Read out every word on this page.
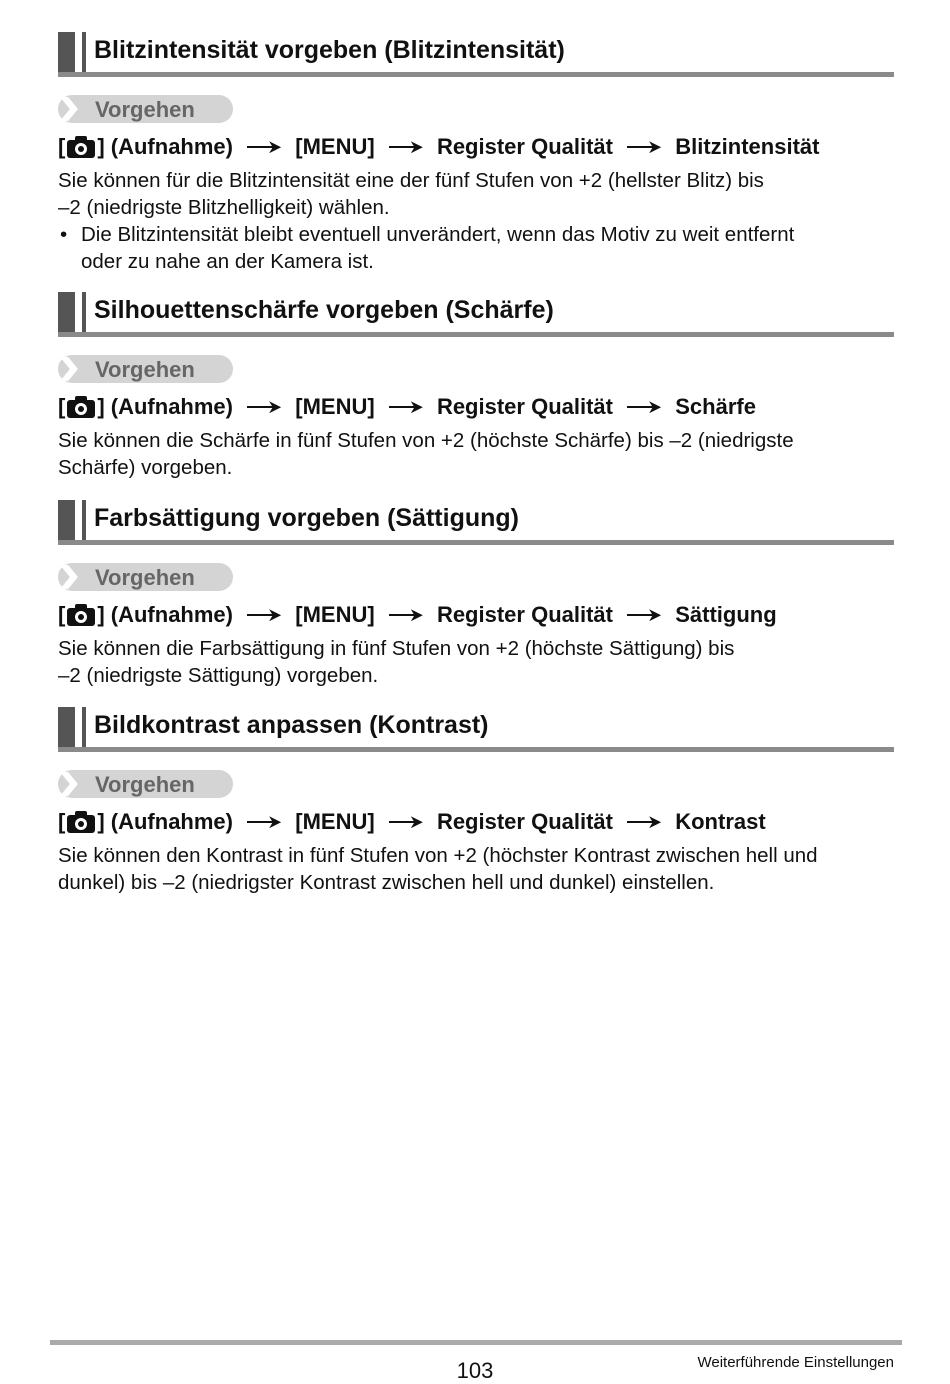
Blitzintensität vorgeben (Blitzintensität)
Vorgehen
[ ] (Aufnahme)	[MENU]	Register Qualität	Blitzintensität
Sie können für die Blitzintensität eine der fünf Stufen von +2 (hellster Blitz) bis
–2 (niedrigste Blitzhelligkeit) wählen.
• Die Blitzintensität bleibt eventuell unverändert, wenn das Motiv zu weit entfernt
oder zu nahe an der Kamera ist.
Silhouettenschärfe vorgeben (Schärfe)
Vorgehen
[ ] (Aufnahme)	[MENU]	Register Qualität	Schärfe
Sie können die Schärfe in fünf Stufen von +2 (höchste Schärfe) bis –2 (niedrigste
Schärfe) vorgeben.
Farbsättigung vorgeben (Sättigung)
Vorgehen
[ ] (Aufnahme)	[MENU]	Register Qualität	Sättigung
Sie können die Farbsättigung in fünf Stufen von +2 (höchste Sättigung) bis
–2 (niedrigste Sättigung) vorgeben.
Bildkontrast anpassen (Kontrast)
Vorgehen
[ ] (Aufnahme)	[MENU]	Register Qualität	Kontrast
Sie können den Kontrast in fünf Stufen von +2 (höchster Kontrast zwischen hell und
dunkel) bis –2 (niedrigster Kontrast zwischen hell und dunkel) einstellen.
103	Weiterführende Einstellungen
